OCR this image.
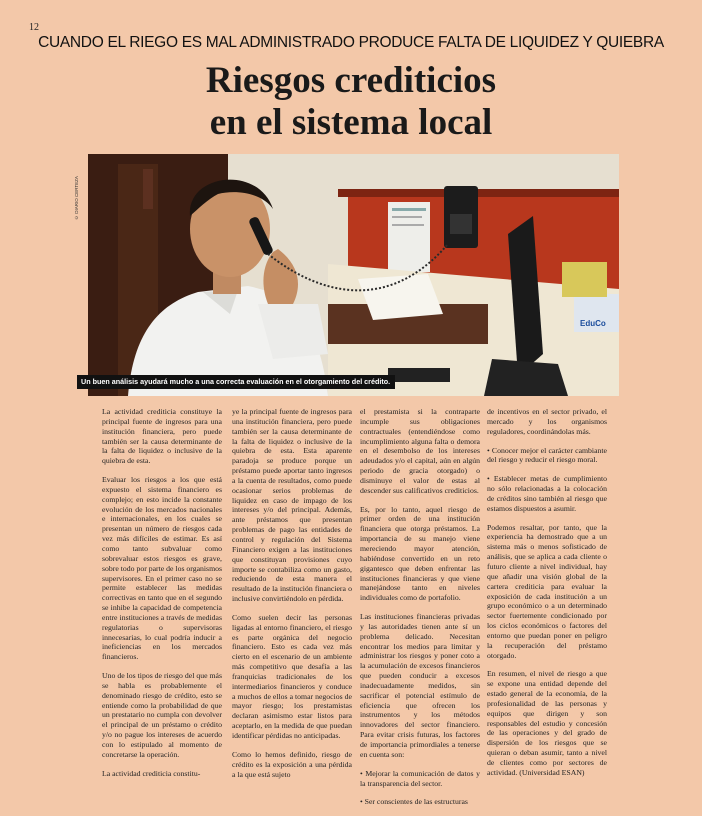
12
CUANDO EL RIEGO ES MAL ADMINISTRADO PRODUCE FALTA DE LIQUIDEZ Y QUIEBRA
Riesgos crediticios
en el sistema local
© DIARIO CERTEZA
EduCo
Un buen análisis ayudará mucho a una correcta evaluación en el otorgamiento del crédito.

La actividad crediticia constituye la principal fuente de ingresos para una institución financiera, pero puede también ser la causa determinante de la falta de liquidez o inclusive de la quiebra de esta.

Evaluar los riesgos a los que está expuesto el sistema financiero es complejo; en esto incide la constante evolución de los mercados nacionales e internacionales, en los cuales se presentan un número de riesgos cada vez más difíciles de estimar. Es así como tanto subvaluar como sobrevaluar estos riesgos es grave, sobre todo por parte de los organismos supervisores. En el primer caso no se permite establecer las medidas correctivas en tanto que en el segundo se inhibe la capacidad de competencia entre instituciones a través de medidas regulatorias o supervisoras innecesarias, lo cual podría inducir a ineficiencias en los mercados financieros.

Uno de los tipos de riesgo del que más se habla es probablemente el denominado riesgo de crédito, esto se entiende como la probabilidad de que un prestatario no cumpla con devolver el principal de un préstamo o crédito y/o no pague los intereses de acuerdo con lo estipulado al momento de concretarse la operación.

La actividad crediticia constitu-

ye la principal fuente de ingresos para una institución financiera, pero puede también ser la causa determinante de la falta de liquidez o inclusive de la quiebra de esta. Esta aparente paradoja se produce porque un préstamo puede aportar tanto ingresos a la cuenta de resultados, como puede ocasionar serios problemas de liquidez en caso de impago de los intereses y/o del principal. Además, ante préstamos que presentan problemas de pago las entidades de control y regulación del Sistema Financiero exigen a las instituciones que constituyan provisiones cuyo importe se contabiliza como un gasto, reduciendo de esta manera el resultado de la institución financiera o inclusive convirtiéndolo en pérdida.

Como suelen decir las personas ligadas al entorno financiero, el riesgo es parte orgánica del negocio financiero. Esto es cada vez más cierto en el escenario de un ambiente más competitivo que desafía a las franquicias tradicionales de los intermediarios financieros y conduce a muchos de ellos a tomar negocios de mayor riesgo; los prestamistas declaran asimismo estar listos para aceptarlo, en la medida de que puedan identificar pérdidas no anticipadas.

Como lo hemos definido, riesgo de crédito es la exposición a una pérdida a la que está sujeto

el prestamista si la contraparte incumple sus obligaciones contractuales (entendiéndose como incumplimiento alguna falta o demora en el desembolso de los intereses adeudados y/o el capital, aún en algún periodo de gracia otorgado) o disminuye el valor de estas al descender sus calificativos crediticios.

Es, por lo tanto, aquel riesgo de primer orden de una institución financiera que otorga préstamos. La importancia de su manejo viene mereciendo mayor atención, habiéndose convertido en un reto gigantesco que deben enfrentar las instituciones financieras y que viene manejándose tanto en niveles individuales como de portafolio.

Las instituciones financieras privadas y las autoridades tienen ante sí un problema delicado. Necesitan encontrar los medios para limitar y administrar los riesgos y poner coto a la acumulación de excesos financieros que pueden conducir a excesos inadecuadamente medidos, sin sacrificar el potencial estímulo de eficiencia que ofrecen los instrumentos y los métodos innovadores del sector financiero. Para evitar crisis futuras, los factores de importancia primordiales a tenerse en cuenta son:

• Mejorar la comunicación de datos y la transparencia del sector.

• Ser conscientes de las estructuras

de incentivos en el sector privado, el mercado y los organismos reguladores, coordinándolas más.

• Conocer mejor el carácter cambiante del riesgo y reducir el riesgo moral.

• Establecer metas de cumplimiento no sólo relacionadas a la colocación de créditos sino también al riesgo que estamos dispuestos a asumir.

Podemos resaltar, por tanto, que la experiencia ha demostrado que a un sistema más o menos sofisticado de análisis, que se aplica a cada cliente o futuro cliente a nivel individual, hay que añadir una visión global de la cartera crediticia para evaluar la exposición de cada institución a un grupo económico o a un determinado sector fuertemente condicionado por los ciclos económicos o factores del entorno que puedan poner en peligro la recuperación del préstamo otorgado.

En resumen, el nivel de riesgo a que se expone una entidad depende del estado general de la economía, de la profesionalidad de las personas y equipos que dirigen y son responsables del estudio y concesión de las operaciones y del grado de dispersión de los riesgos que se quieran o deban asumir, tanto a nivel de clientes como por sectores de actividad. (Universidad ESAN)
